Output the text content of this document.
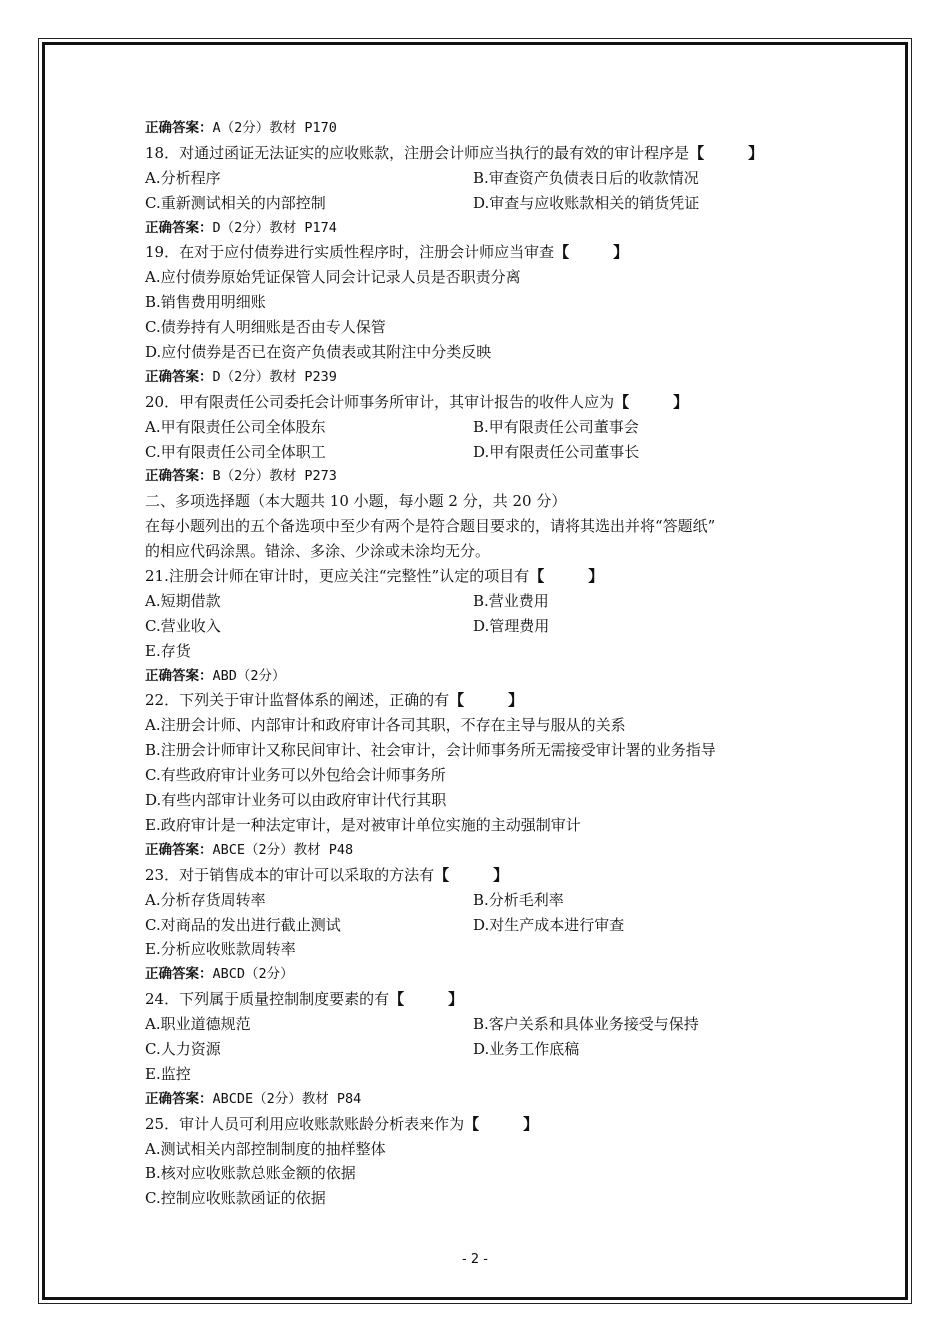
正确答案：A（2分）教材 P170
18．对通过函证无法证实的应收账款，注册会计师应当执行的最有效的审计程序是【	】
A.分析程序	B.审查资产负债表日后的收款情况
C.重新测试相关的内部控制	D.审查与应收账款相关的销货凭证
正确答案：D（2分）教材 P174
19．在对于应付债券进行实质性程序时，注册会计师应当审查【	】
A.应付债券原始凭证保管人同会计记录人员是否职责分离
B.销售费用明细账
C.债券持有人明细账是否由专人保管
D.应付债券是否已在资产负债表或其附注中分类反映
正确答案：D（2分）教材 P239
20．甲有限责任公司委托会计师事务所审计，其审计报告的收件人应为【	】
A.甲有限责任公司全体股东	B.甲有限责任公司董事会
C.甲有限责任公司全体职工	D.甲有限责任公司董事长
正确答案：B（2分）教材 P273
二、多项选择题（本大题共 10 小题，每小题 2 分，共 20 分）
在每小题列出的五个备选项中至少有两个是符合题目要求的，请将其选出并将“答题纸”
的相应代码涂黑。错涂、多涂、少涂或未涂均无分。
21.注册会计师在审计时，更应关注“完整性”认定的项目有【	】
A.短期借款	B.营业费用
C.营业收入	D.管理费用
E.存货
正确答案：ABD（2分）
22．下列关于审计监督体系的阐述，正确的有【	】
A.注册会计师、内部审计和政府审计各司其职，不存在主导与服从的关系
B.注册会计师审计又称民间审计、社会审计，会计师事务所无需接受审计署的业务指导
C.有些政府审计业务可以外包给会计师事务所
D.有些内部审计业务可以由政府审计代行其职
E.政府审计是一种法定审计，是对被审计单位实施的主动强制审计
正确答案：ABCE（2分）教材 P48
23．对于销售成本的审计可以采取的方法有【	】
A.分析存货周转率	B.分析毛利率
C.对商品的发出进行截止测试	D.对生产成本进行审查
E.分析应收账款周转率
正确答案：ABCD（2分）
24．下列属于质量控制制度要素的有【	】
A.职业道德规范	B.客户关系和具体业务接受与保持
C.人力资源	D.业务工作底稿
E.监控
正确答案：ABCDE（2分）教材 P84
25．审计人员可利用应收账款账龄分析表来作为【	】
A.测试相关内部控制制度的抽样整体
B.核对应收账款总账金额的依据
C.控制应收账款函证的依据
- 2 -
